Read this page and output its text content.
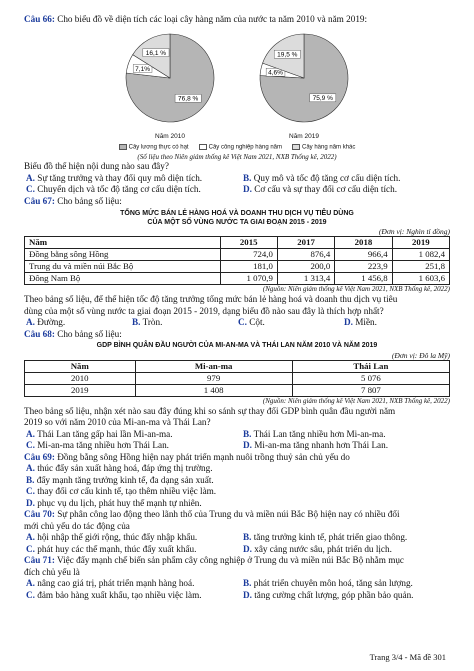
Câu 66: Cho biểu đồ về diện tích các loại cây hàng năm của nước ta năm 2010 và năm 2019:
76,8 %
7,1%
16,1 %
Năm 2010
75,9 %
4,6%
19,5 %
Năm 2019
Cây lương thực có hạt	Cây công nghiệp hàng năm	Cây hàng năm khác
(Số liệu theo Niên giám thống kê Việt Nam 2021, NXB Thống kê, 2022)
Biểu đồ thể hiện nội dung nào sau đây?
A. Sự tăng trưởng và thay đổi quy mô diện tích.	B. Quy mô và tốc độ tăng cơ cấu diện tích.
C. Chuyển dịch và tốc độ tăng cơ cấu diện tích.	D. Cơ cấu và sự thay đổi cơ cấu diện tích.
Câu 67: Cho bảng số liệu:
TỔNG MỨC BÁN LẺ HÀNG HOÁ VÀ DOANH THU DỊCH VỤ TIÊU DÙNG
CỦA MỘT SỐ VÙNG NƯỚC TA GIAI ĐOẠN 2015 - 2019
(Đơn vị: Nghìn tỉ đồng)
Năm	2015	2017	2018	2019
Đồng bằng sông Hồng	724,0	876,4	966,4	1 082,4
Trung du và miền núi Bắc Bộ	181,0	200,0	223,9	251,8
Đông Nam Bộ	1 070,9	1 313,4	1 456,8	1 603,6
(Nguồn: Niên giám thống kê Việt Nam 2021, NXB Thống kê, 2022)
Theo bảng số liệu, để thể hiện tốc độ tăng trưởng tổng mức bán lẻ hàng hoá và doanh thu dịch vụ tiêu
dùng của một số vùng nước ta giai đoạn 2015 - 2019, dạng biểu đồ nào sau đây là thích hợp nhất?
A. Đường.	B. Tròn.	C. Cột.	D. Miền.
Câu 68: Cho bảng số liệu:
GDP BÌNH QUÂN ĐẦU NGƯỜI CỦA MI-AN-MA VÀ THÁI LAN NĂM 2010 VÀ NĂM 2019
(Đơn vị: Đô la Mỹ)
Năm	Mi-an-ma	Thái Lan
2010	979	5 076
2019	1 408	7 807
(Nguồn: Niên giám thống kê Việt Nam 2021, NXB Thống kê, 2022)
Theo bảng số liệu, nhận xét nào sau đây đúng khi so sánh sự thay đổi GDP bình quân đầu người năm
2019 so với năm 2010 của Mi-an-ma và Thái Lan?
A. Thái Lan tăng gấp hai lần Mi-an-ma.	B. Thái Lan tăng nhiều hơn Mi-an-ma.
C. Mi-an-ma tăng nhiều hơn Thái Lan.	D. Mi-an-ma tăng nhanh hơn Thái Lan.
Câu 69: Đồng bằng sông Hồng hiện nay phát triển mạnh nuôi trồng thuỷ sản chủ yếu do
A. thúc đẩy sản xuất hàng hoá, đáp ứng thị trường.
B. đẩy mạnh tăng trưởng kinh tế, đa dạng sản xuất.
C. thay đổi cơ cấu kinh tế, tạo thêm nhiều việc làm.
D. phục vụ du lịch, phát huy thế mạnh tự nhiên.
Câu 70: Sự phân công lao động theo lãnh thổ của Trung du và miền núi Bắc Bộ hiện nay có nhiều đổi
mới chủ yếu do tác động của
A. hội nhập thế giới rộng, thúc đẩy nhập khẩu.	B. tăng trưởng kinh tế, phát triển giao thông.
C. phát huy các thế mạnh, thúc đẩy xuất khẩu.	D. xây cảng nước sâu, phát triển du lịch.
Câu 71: Việc đẩy mạnh chế biến sản phẩm cây công nghiệp ở Trung du và miền núi Bắc Bộ nhằm mục
đích chủ yếu là
A. nâng cao giá trị, phát triển mạnh hàng hoá.	B. phát triển chuyên môn hoá, tăng sản lượng.
C. đảm bảo hàng xuất khẩu, tạo nhiều việc làm.	D. tăng cường chất lượng, góp phần bảo quản.
Trang 3/4 - Mã đề 301
